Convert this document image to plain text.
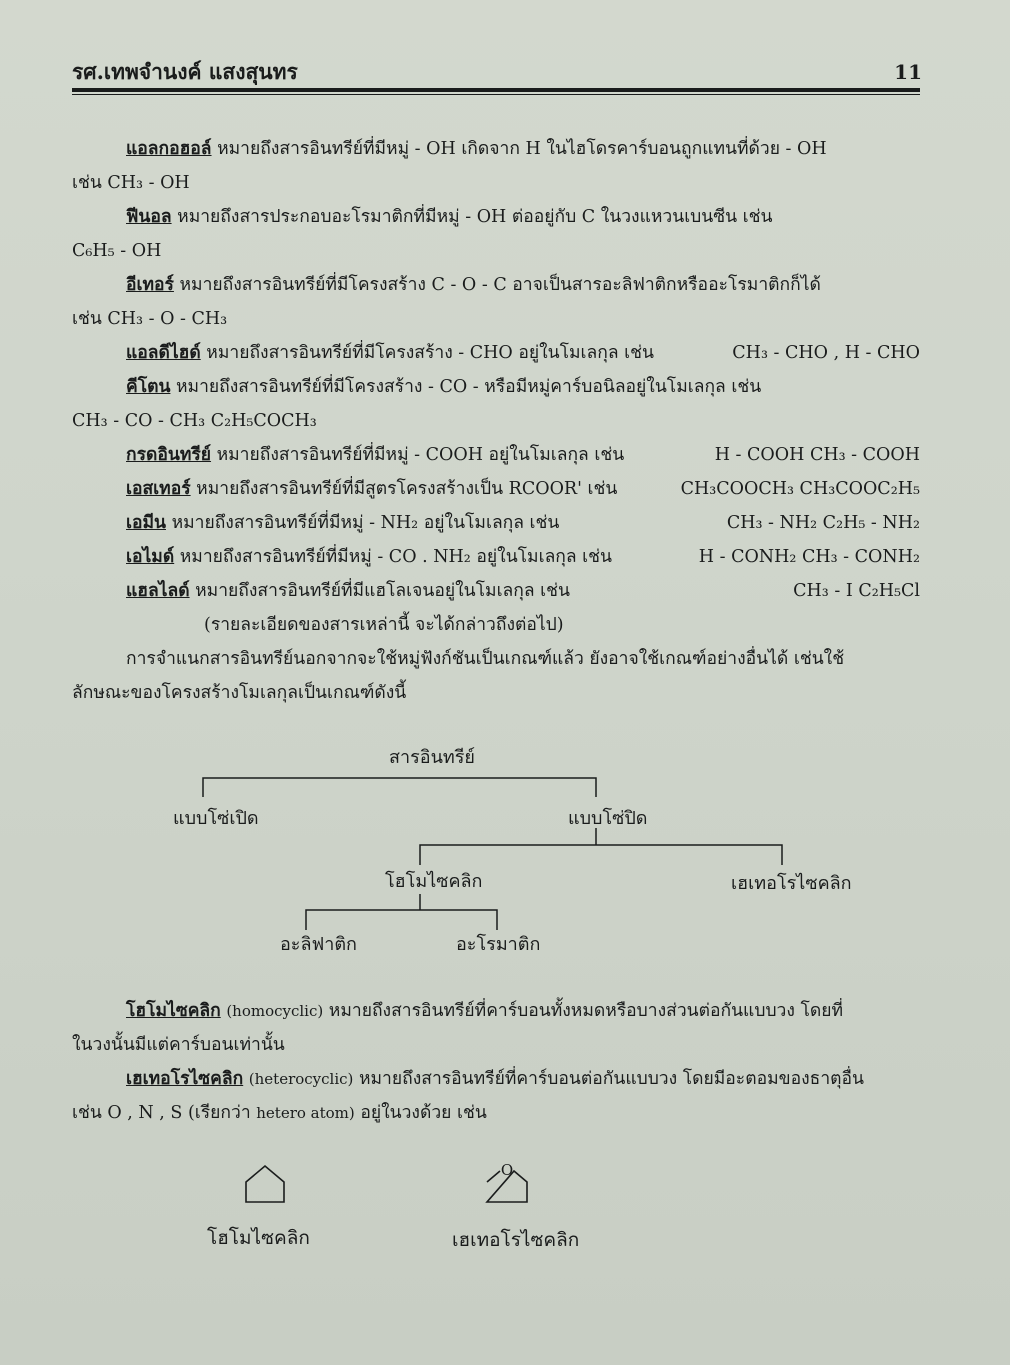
รศ.เทพจำนงค์ แสงสุนทร	11
แอลกอฮอล์ หมายถึงสารอินทรีย์ที่มีหมู่ - OH เกิดจาก H ในไฮโดรคาร์บอนถูกแทนที่ด้วย - OH
เช่น CH₃ - OH
ฟีนอล หมายถึงสารประกอบอะโรมาติกที่มีหมู่ - OH ต่ออยู่กับ C ในวงแหวนเบนซีน เช่น
C₆H₅ - OH
อีเทอร์ หมายถึงสารอินทรีย์ที่มีโครงสร้าง C - O - C อาจเป็นสารอะลิฟาติกหรืออะโรมาติกก็ได้
เช่น CH₃ - O - CH₃
แอลดีไฮด์ หมายถึงสารอินทรีย์ที่มีโครงสร้าง - CHO อยู่ในโมเลกุล เช่น	CH₃ - CHO , H - CHO
คีโตน หมายถึงสารอินทรีย์ที่มีโครงสร้าง - CO - หรือมีหมู่คาร์บอนิลอยู่ในโมเลกุล เช่น
CH₃ - CO - CH₃ C₂H₅COCH₃
กรดอินทรีย์ หมายถึงสารอินทรีย์ที่มีหมู่ - COOH อยู่ในโมเลกุล เช่น	H - COOH CH₃ - COOH
เอสเทอร์ หมายถึงสารอินทรีย์ที่มีสูตรโครงสร้างเป็น RCOOR' เช่น	CH₃COOCH₃ CH₃COOC₂H₅
เอมีน หมายถึงสารอินทรีย์ที่มีหมู่ - NH₂ อยู่ในโมเลกุล เช่น	CH₃ - NH₂ C₂H₅ - NH₂
เอไมด์ หมายถึงสารอินทรีย์ที่มีหมู่ - CO . NH₂ อยู่ในโมเลกุล เช่น	H - CONH₂ CH₃ - CONH₂
แฮลไลด์ หมายถึงสารอินทรีย์ที่มีแฮโลเจนอยู่ในโมเลกุล เช่น	CH₃ - I C₂H₅Cl
(รายละเอียดของสารเหล่านี้ จะได้กล่าวถึงต่อไป)
การจำแนกสารอินทรีย์นอกจากจะใช้หมู่ฟังก์ชันเป็นเกณฑ์แล้ว ยังอาจใช้เกณฑ์อย่างอื่นได้ เช่นใช้
ลักษณะของโครงสร้างโมเลกุลเป็นเกณฑ์ดังนี้
สารอินทรีย์
แบบโซ่เปิด	แบบโซ่ปิด
โฮโมไซคลิก	เฮเทอโรไซคลิก
อะลิฟาติก	อะโรมาติก
โฮโมไซคลิก (homocyclic) หมายถึงสารอินทรีย์ที่คาร์บอนทั้งหมดหรือบางส่วนต่อกันแบบวง โดยที่
ในวงนั้นมีแต่คาร์บอนเท่านั้น
เฮเทอโรไซคลิก (heterocyclic) หมายถึงสารอินทรีย์ที่คาร์บอนต่อกันแบบวง โดยมีอะตอมของธาตุอื่น
เช่น O , N , S (เรียกว่า hetero atom) อยู่ในวงด้วย เช่น
O
โฮโมไซคลิก	เฮเทอโรไซคลิก
